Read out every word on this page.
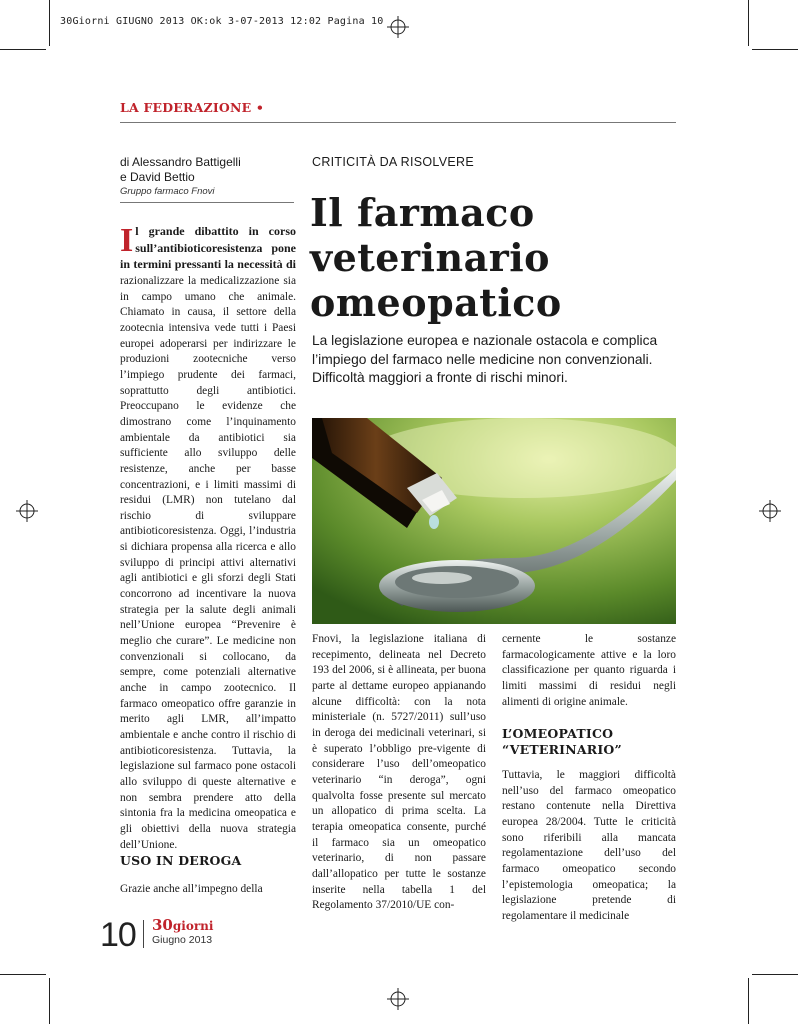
30Giorni GIUGNO 2013 OK:ok 3-07-2013 12:02 Pagina 10
LA FEDERAZIONE •
di Alessandro Battigelli
e David Bettio
Gruppo farmaco Fnovi
CRITICITÀ DA RISOLVERE
Il farmaco
veterinario
omeopatico

La legislazione europea e nazionale ostacola e complica l’impiego del farmaco nelle medicine non convenzionali. Difficoltà maggiori a fronte di rischi minori.

Il grande dibattito in corso sull’antibioticoresistenza pone in termini pressanti la necessità di razionalizzare la medicalizzazione sia in campo umano che animale. Chiamato in causa, il settore della zootecnia intensiva vede tutti i Paesi europei adoperarsi per indirizzare le produzioni zootecniche verso l’impiego prudente dei farmaci, soprattutto degli antibiotici. Preoccupano le evidenze che dimostrano come l’inquinamento ambientale da antibiotici sia sufficiente allo sviluppo delle resistenze, anche per basse concentrazioni, e i limiti massimi di residui (LMR) non tutelano dal rischio di sviluppare antibioticoresistenza. Oggi, l’industria si dichiara propensa alla ricerca e allo sviluppo di principi attivi alternativi agli antibiotici e gli sforzi degli Stati concorrono ad incentivare la nuova strategia per la salute degli animali nell’Unione europea “Prevenire è meglio che curare”. Le medicine non convenzionali si collocano, da sempre, come potenziali alternative anche in campo zootecnico. Il farmaco omeopatico offre garanzie in merito agli LMR, all’impatto ambientale e anche contro il rischio di antibioticoresistenza. Tuttavia, la legislazione sul farmaco pone ostacoli allo sviluppo di queste alternative e non sembra prendere atto della sintonia fra la medicina omeopatica e gli obiettivi della nuova strategia dell’Unione.
USO IN DEROGA

Grazie anche all’impegno della

Fnovi, la legislazione italiana di recepimento, delineata nel Decreto 193 del 2006, si è allineata, per buona parte al dettame europeo appianando alcune difficoltà: con la nota ministeriale (n. 5727/2011) sull’uso in deroga dei medicinali veterinari, si è superato l’obbligo pre-vigente di considerare l’uso dell’omeopatico veterinario “in deroga”, ogni qualvolta fosse presente sul mercato un allopatico di prima scelta. La terapia omeopatica consente, purché il farmaco sia un omeopatico veterinario, di non passare dall’allopatico per tutte le sostanze inserite nella tabella 1 del Regolamento 37/2010/UE con-

cernente le sostanze farmacologicamente attive e la loro classificazione per quanto riguarda i limiti massimi di residui negli alimenti di origine animale.

L’OMEOPATICO
“VETERINARIO”

Tuttavia, le maggiori difficoltà nell’uso del farmaco omeopatico restano contenute nella Direttiva europea 28/2004. Tutte le criticità sono riferibili alla mancata regolamentazione dell’uso del farmaco omeopatico secondo l’epistemologia omeopatica; la legislazione pretende di regolamentare il medicinale

10 30giorni
Giugno 2013
